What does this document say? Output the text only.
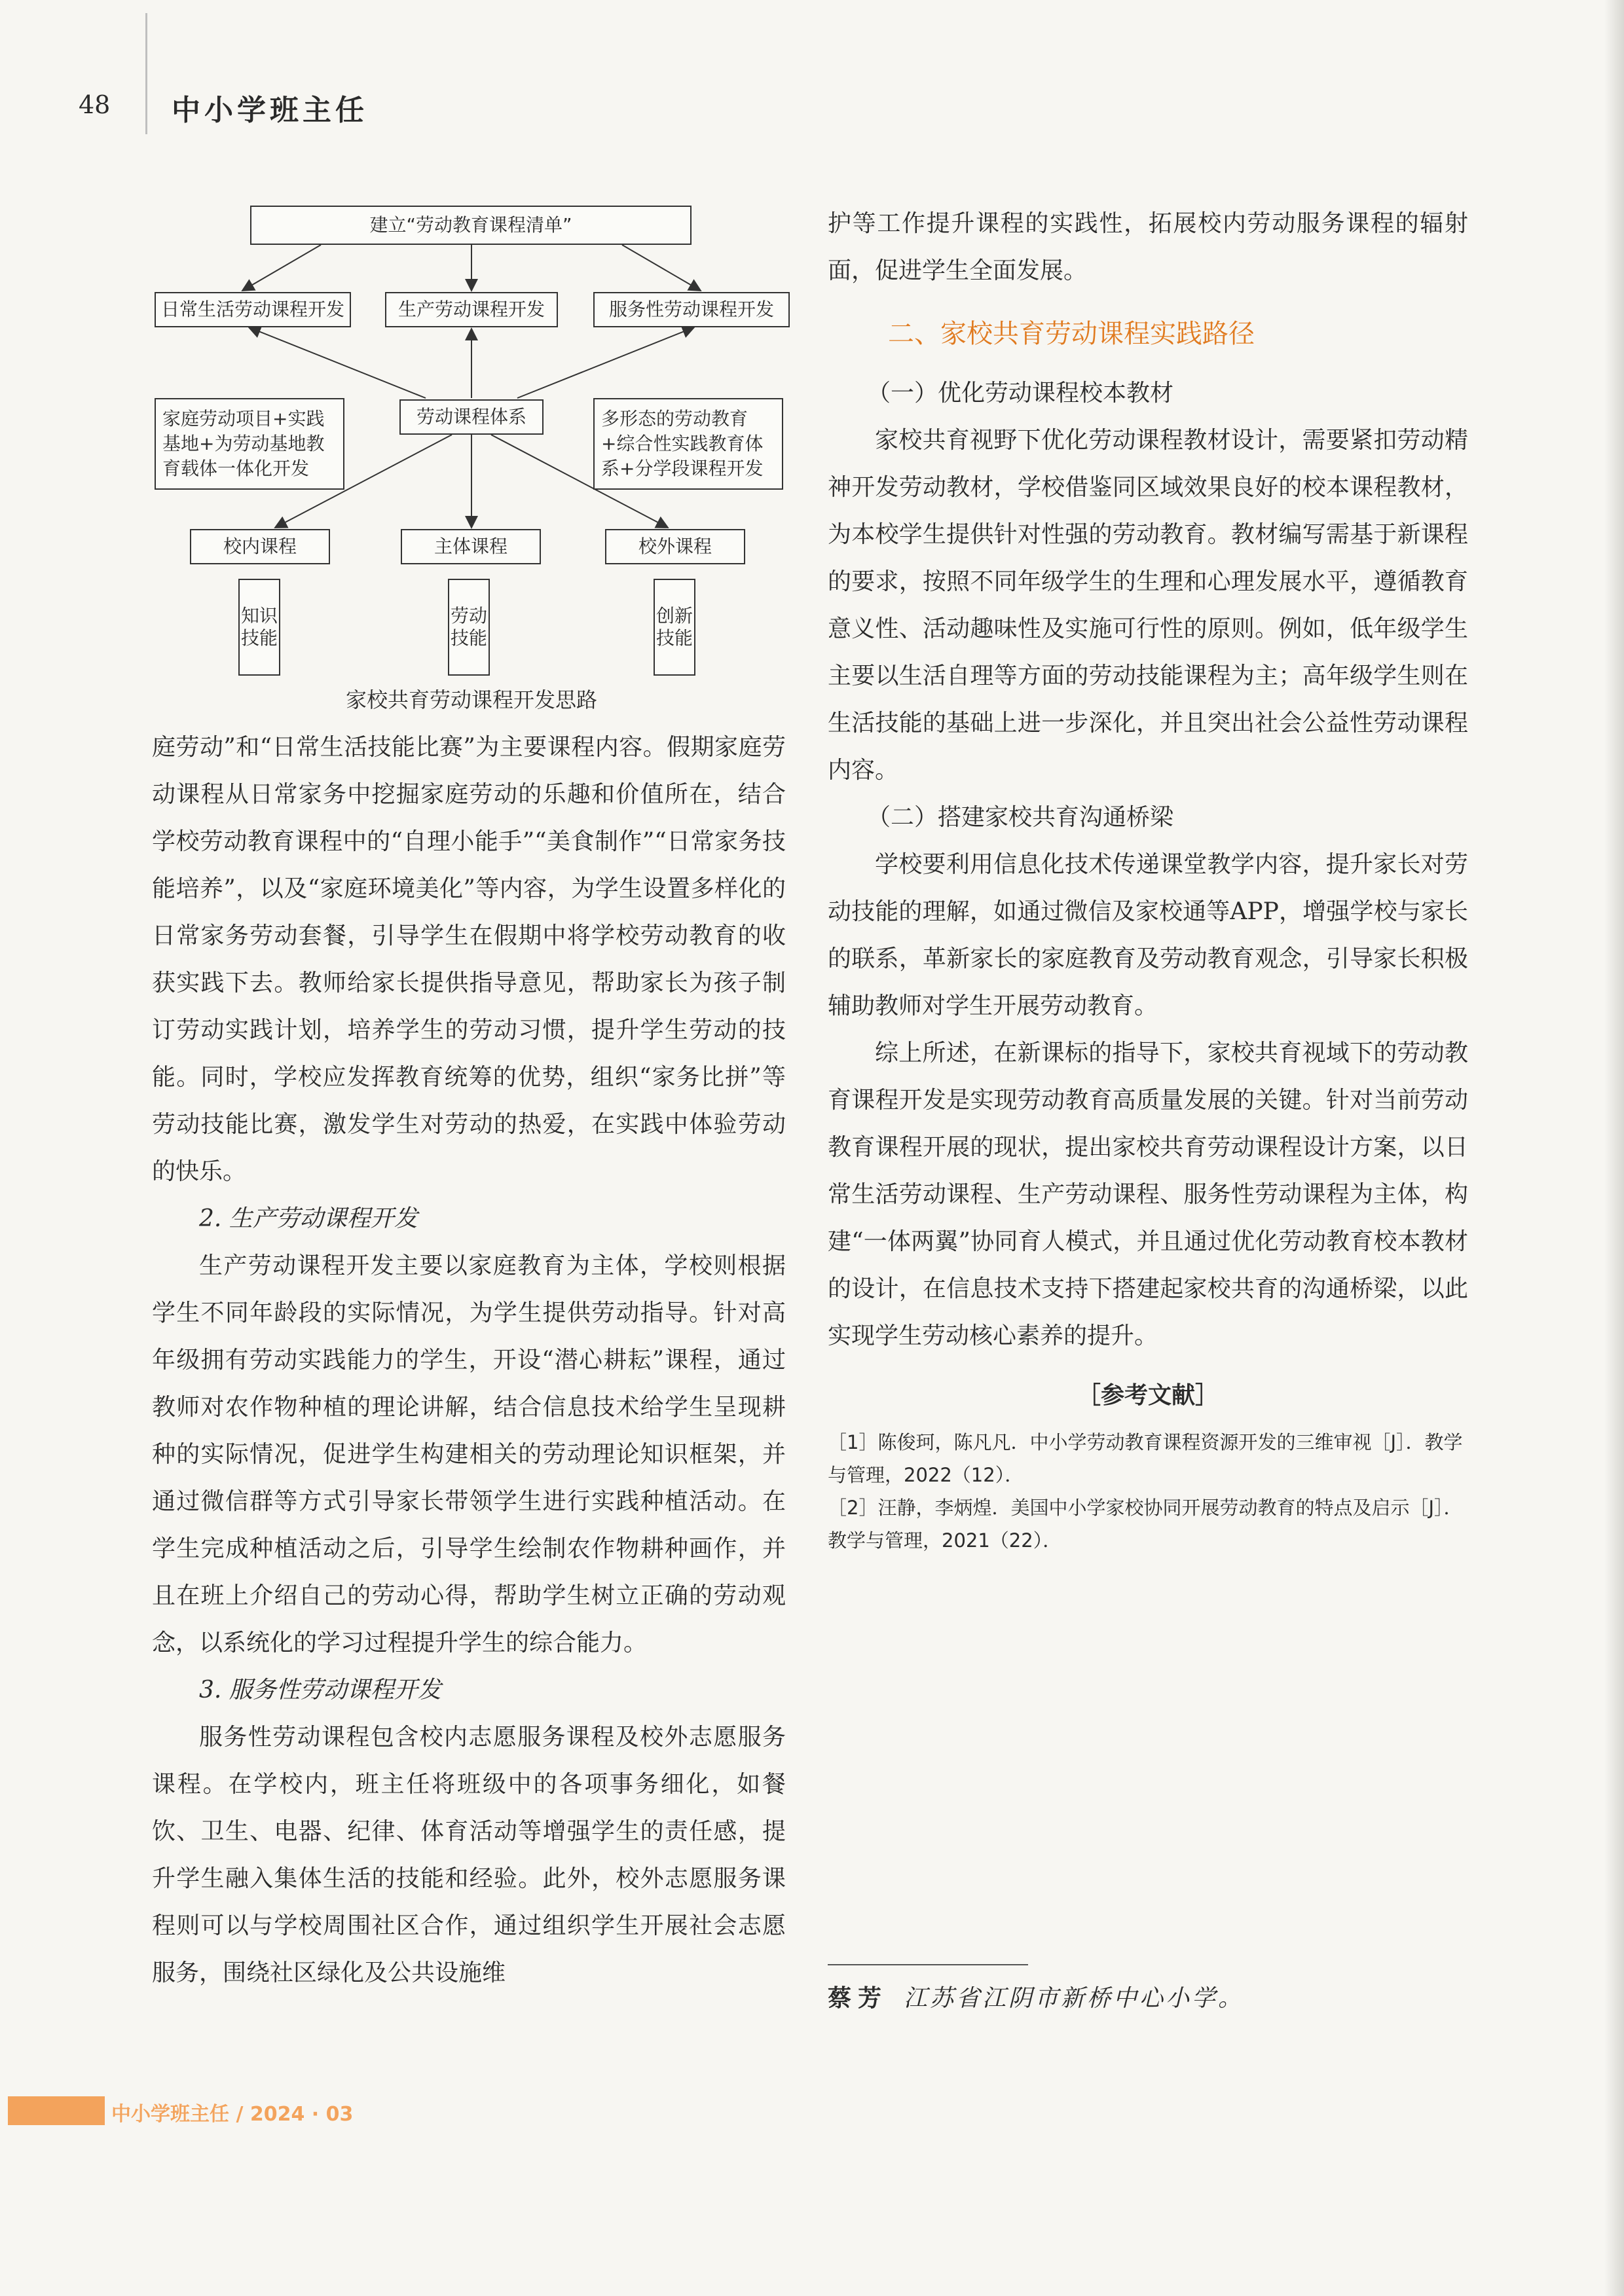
48 中小学班主任
建立“劳动教育课程清单”
日常生活劳动课程开发	生产劳动课程开发	服务性劳动课程开发
家庭劳动项目+实践基地+为劳动基地教育载体一体化开发
劳动课程体系	多形态的劳动教育+综合性实践教育体系+分学段课程开发
校内课程	主体课程	校外课程
知识技能
劳动技能
创新技能
家校共育劳动课程开发思路

庭劳动”和“日常生活技能比赛”为主要课程内容。假期家庭劳动课程从日常家务中挖掘家庭劳动的乐趣和价值所在，结合学校劳动教育课程中的“自理小能手”“美食制作”“日常家务技能培养”，以及“家庭环境美化”等内容，为学生设置多样化的日常家务劳动套餐，引导学生在假期中将学校劳动教育的收获实践下去。教师给家长提供指导意见，帮助家长为孩子制订劳动实践计划，培养学生的劳动习惯，提升学生劳动的技能。同时，学校应发挥教育统筹的优势，组织“家务比拼”等劳动技能比赛，激发学生对劳动的热爱，在实践中体验劳动的快乐。

2. 生产劳动课程开发

生产劳动课程开发主要以家庭教育为主体，学校则根据学生不同年龄段的实际情况，为学生提供劳动指导。针对高年级拥有劳动实践能力的学生，开设“潜心耕耘”课程，通过教师对农作物种植的理论讲解，结合信息技术给学生呈现耕种的实际情况，促进学生构建相关的劳动理论知识框架，并通过微信群等方式引导家长带领学生进行实践种植活动。在学生完成种植活动之后，引导学生绘制农作物耕种画作，并且在班上介绍自己的劳动心得，帮助学生树立正确的劳动观念，以系统化的学习过程提升学生的综合能力。

3. 服务性劳动课程开发

服务性劳动课程包含校内志愿服务课程及校外志愿服务课程。在学校内，班主任将班级中的各项事务细化，如餐饮、卫生、电器、纪律、体育活动等增强学生的责任感，提升学生融入集体生活的技能和经验。此外，校外志愿服务课程则可以与学校周围社区合作，通过组织学生开展社会志愿服务，围绕社区绿化及公共设施维

护等工作提升课程的实践性，拓展校内劳动服务课程的辐射面，促进学生全面发展。

二、家校共育劳动课程实践路径
（一）优化劳动课程校本教材

家校共育视野下优化劳动课程教材设计，需要紧扣劳动精神开发劳动教材，学校借鉴同区域效果良好的校本课程教材，为本校学生提供针对性强的劳动教育。教材编写需基于新课程的要求，按照不同年级学生的生理和心理发展水平，遵循教育意义性、活动趣味性及实施可行性的原则。例如，低年级学生主要以生活自理等方面的劳动技能课程为主；高年级学生则在生活技能的基础上进一步深化，并且突出社会公益性劳动课程内容。

（二）搭建家校共育沟通桥梁

学校要利用信息化技术传递课堂教学内容，提升家长对劳动技能的理解，如通过微信及家校通等APP，增强学校与家长的联系，革新家长的家庭教育及劳动教育观念，引导家长积极辅助教师对学生开展劳动教育。

综上所述，在新课标的指导下，家校共育视域下的劳动教育课程开发是实现劳动教育高质量发展的关键。针对当前劳动教育课程开展的现状，提出家校共育劳动课程设计方案，以日常生活劳动课程、生产劳动课程、服务性劳动课程为主体，构建“一体两翼”协同育人模式，并且通过优化劳动教育校本教材的设计，在信息技术支持下搭建起家校共育的沟通桥梁，以此实现学生劳动核心素养的提升。

［参考文献］

［1］陈俊珂，陈凡凡．中小学劳动教育课程资源开发的三维审视［J］．教学与管理，2022（12）．

［2］汪静，李炳煌．美国中小学家校协同开展劳动教育的特点及启示［J］．教学与管理，2021（22）．

蔡芳 江苏省江阴市新桥中心小学。
中小学班主任 / 2024 · 03
